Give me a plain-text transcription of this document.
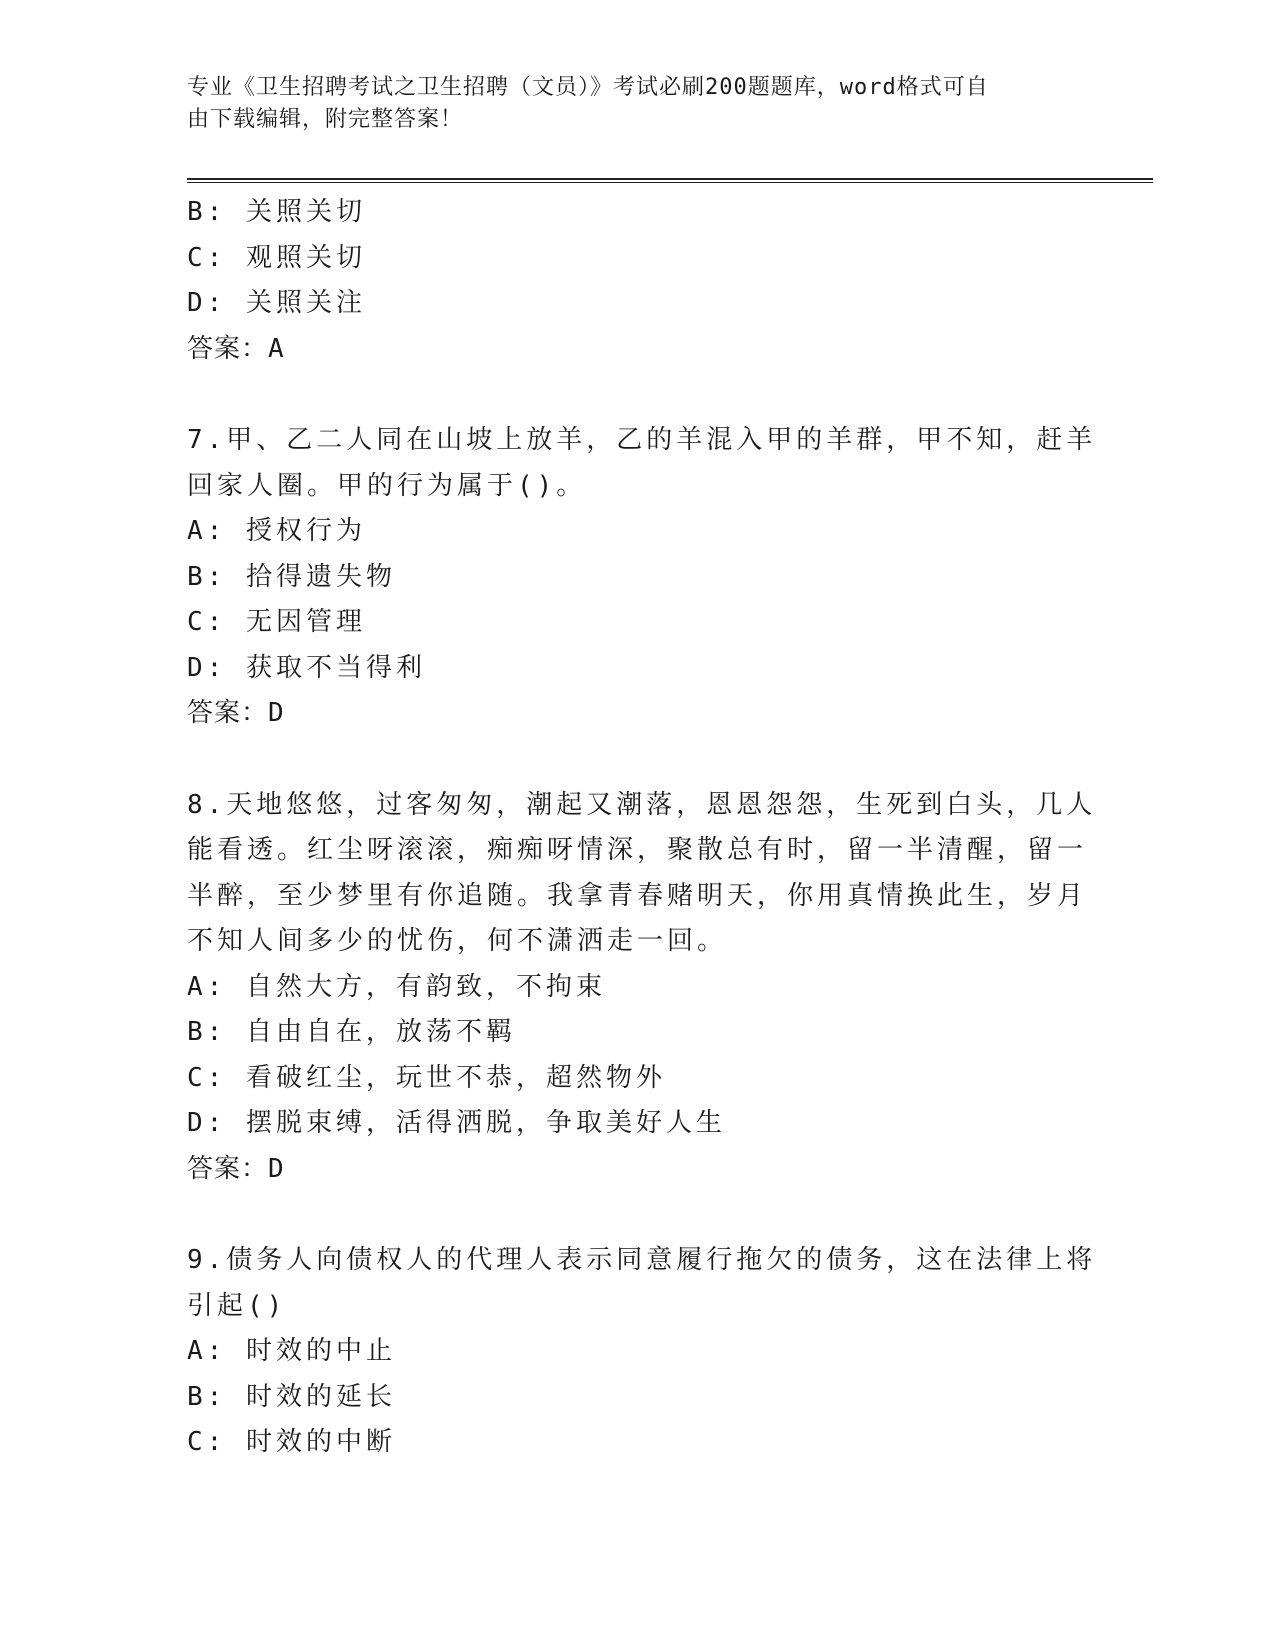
专业《卫生招聘考试之卫生招聘（文员）》考试必刷200题题库，word格式可自
由下载编辑，附完整答案！
B: 关照关切
C: 观照关切
D: 关照关注
答案：A
7.甲、乙二人同在山坡上放羊，乙的羊混入甲的羊群，甲不知，赶羊
回家人圈。甲的行为属于()。
A: 授权行为
B: 拾得遗失物
C: 无因管理
D: 获取不当得利
答案：D
8.天地悠悠，过客匆匆，潮起又潮落，恩恩怨怨，生死到白头，几人
能看透。红尘呀滚滚，痴痴呀情深，聚散总有时，留一半清醒，留一
半醉，至少梦里有你追随。我拿青春赌明天，你用真情换此生，岁月
不知人间多少的忧伤，何不潇洒走一回。
A: 自然大方，有韵致，不拘束
B: 自由自在，放荡不羁
C: 看破红尘，玩世不恭，超然物外
D: 摆脱束缚，活得洒脱，争取美好人生
答案：D
9.债务人向债权人的代理人表示同意履行拖欠的债务，这在法律上将
引起()
A: 时效的中止
B: 时效的延长
C: 时效的中断
